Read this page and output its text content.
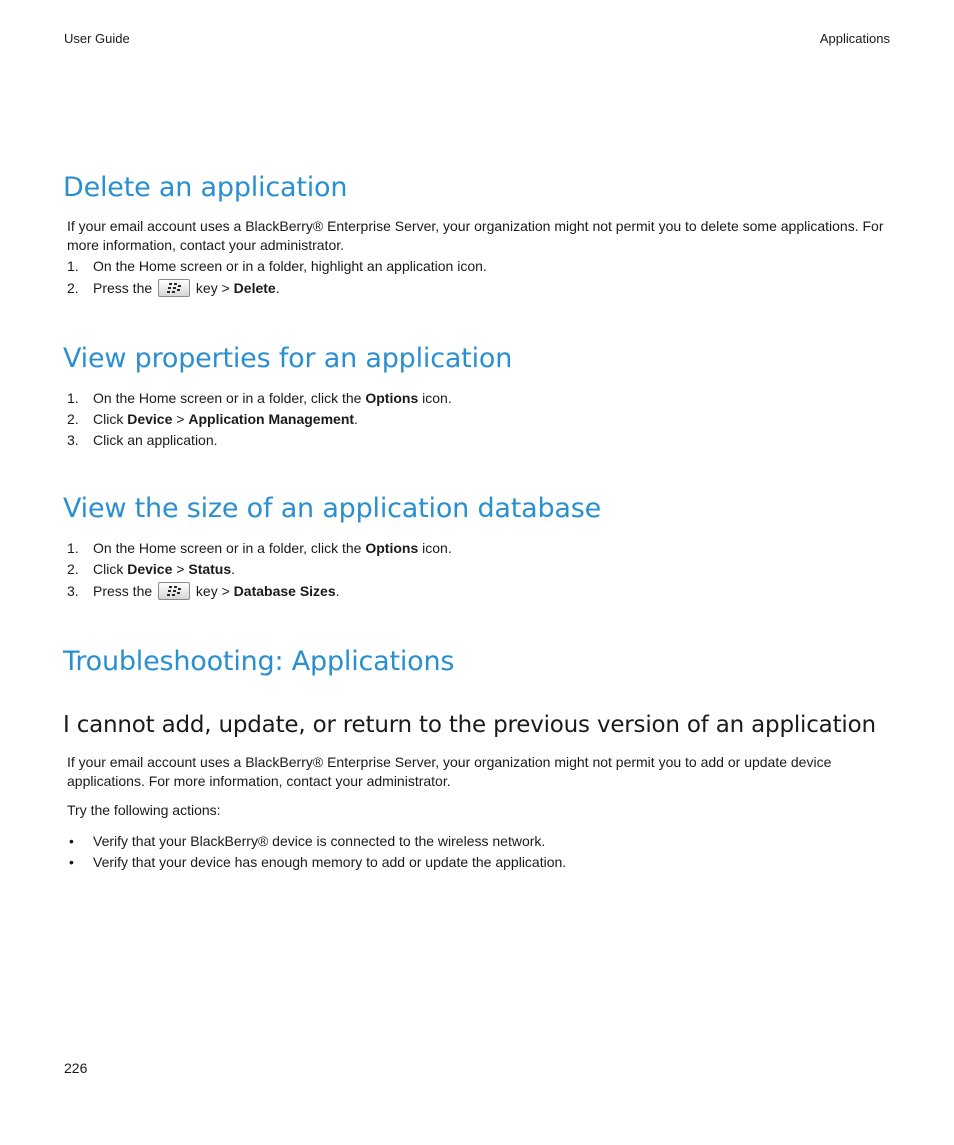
User Guide	Applications
Delete an application

If your email account uses a BlackBerry® Enterprise Server, your organization might not permit you to delete some applications. For more information, contact your administrator.

1. On the Home screen or in a folder, highlight an application icon.
2. Press the	key > Delete.
View properties for an application
1. On the Home screen or in a folder, click the Options icon.
2. Click Device > Application Management.
3. Click an application.
View the size of an application database
1. On the Home screen or in a folder, click the Options icon.
2. Click Device > Status.
3. Press the	key > Database Sizes.
Troubleshooting: Applications
I cannot add, update, or return to the previous version of an application

If your email account uses a BlackBerry® Enterprise Server, your organization might not permit you to add or update device applications. For more information, contact your administrator.

Try the following actions:
• Verify that your BlackBerry® device is connected to the wireless network.
• Verify that your device has enough memory to add or update the application.
226
